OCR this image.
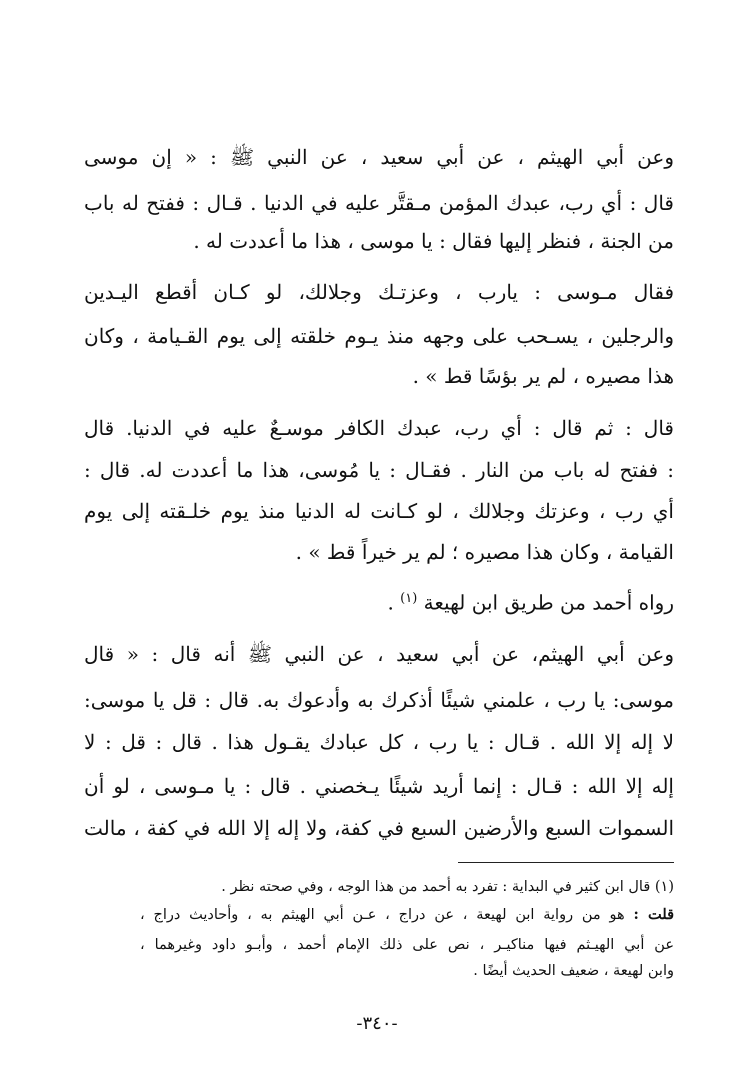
وعن أبي الهيثم ، عن أبي سعيد ، عن النبي ﷺ : « إن موسى
قال : أي رب، عبدك المؤمن مـقتَّر عليه في الدنيا . قـال : ففتح له باب
من الجنة ، فنظر إليها فقال : يا موسى ، هذا ما أعددت له .
فقال مـوسى : يارب ، وعزتـك وجلالك، لو كـان أقطع اليـدين
والرجلين ، يسـحب على وجهه منذ يـوم خلقته إلى يوم القـيامة ، وكان
هذا مصيره ، لم ير بؤسًا قط » .
قال : ثم قال : أي رب، عبدك الكافر موسـعٌ عليه في الدنيا. قال
: ففتح له باب من النار . فقـال : يا مُوسى، هذا ما أعددت له. قال :
أي رب ، وعزتك وجلالك ، لو كـانت له الدنيا منذ يوم خلـقته إلى يوم
القيامة ، وكان هذا مصيره ؛ لم ير خيراً قط » .
رواه أحمد من طريق ابن لهيعة $^{(١)}$ .
وعن أبي الهيثم، عن أبي سعيد ، عن النبي ﷺ أنه قال : « قال
موسى: يا رب ، علمني شيئًا أذكرك به وأدعوك به. قال : قل يا موسى:
لا إله إلا الله . قـال : يا رب ، كل عبادك يقـول هذا . قال : قل : لا
إله إلا الله : قـال : إنما أريد شيئًا يـخصني . قال : يا مـوسى ، لو أن
السموات السبع والأرضين السبع في كفة، ولا إله إلا الله في كفة ، مالت
(١) قال ابن كثير في البداية : تفرد به أحمد من هذا الوجه ، وفي صحته نظر .
قلت : هو من رواية ابن لهيعة ، عن دراج ، عـن أبي الهيثم به ، وأحاديث دراج ،
عن أبي الهيـثم فيها مناكيـر ، نص على ذلك الإمام أحمد ، وأبـو داود وغيرهما ،
وابن لهيعة ، ضعيف الحديث أيضًا .
-٣٤٠-
